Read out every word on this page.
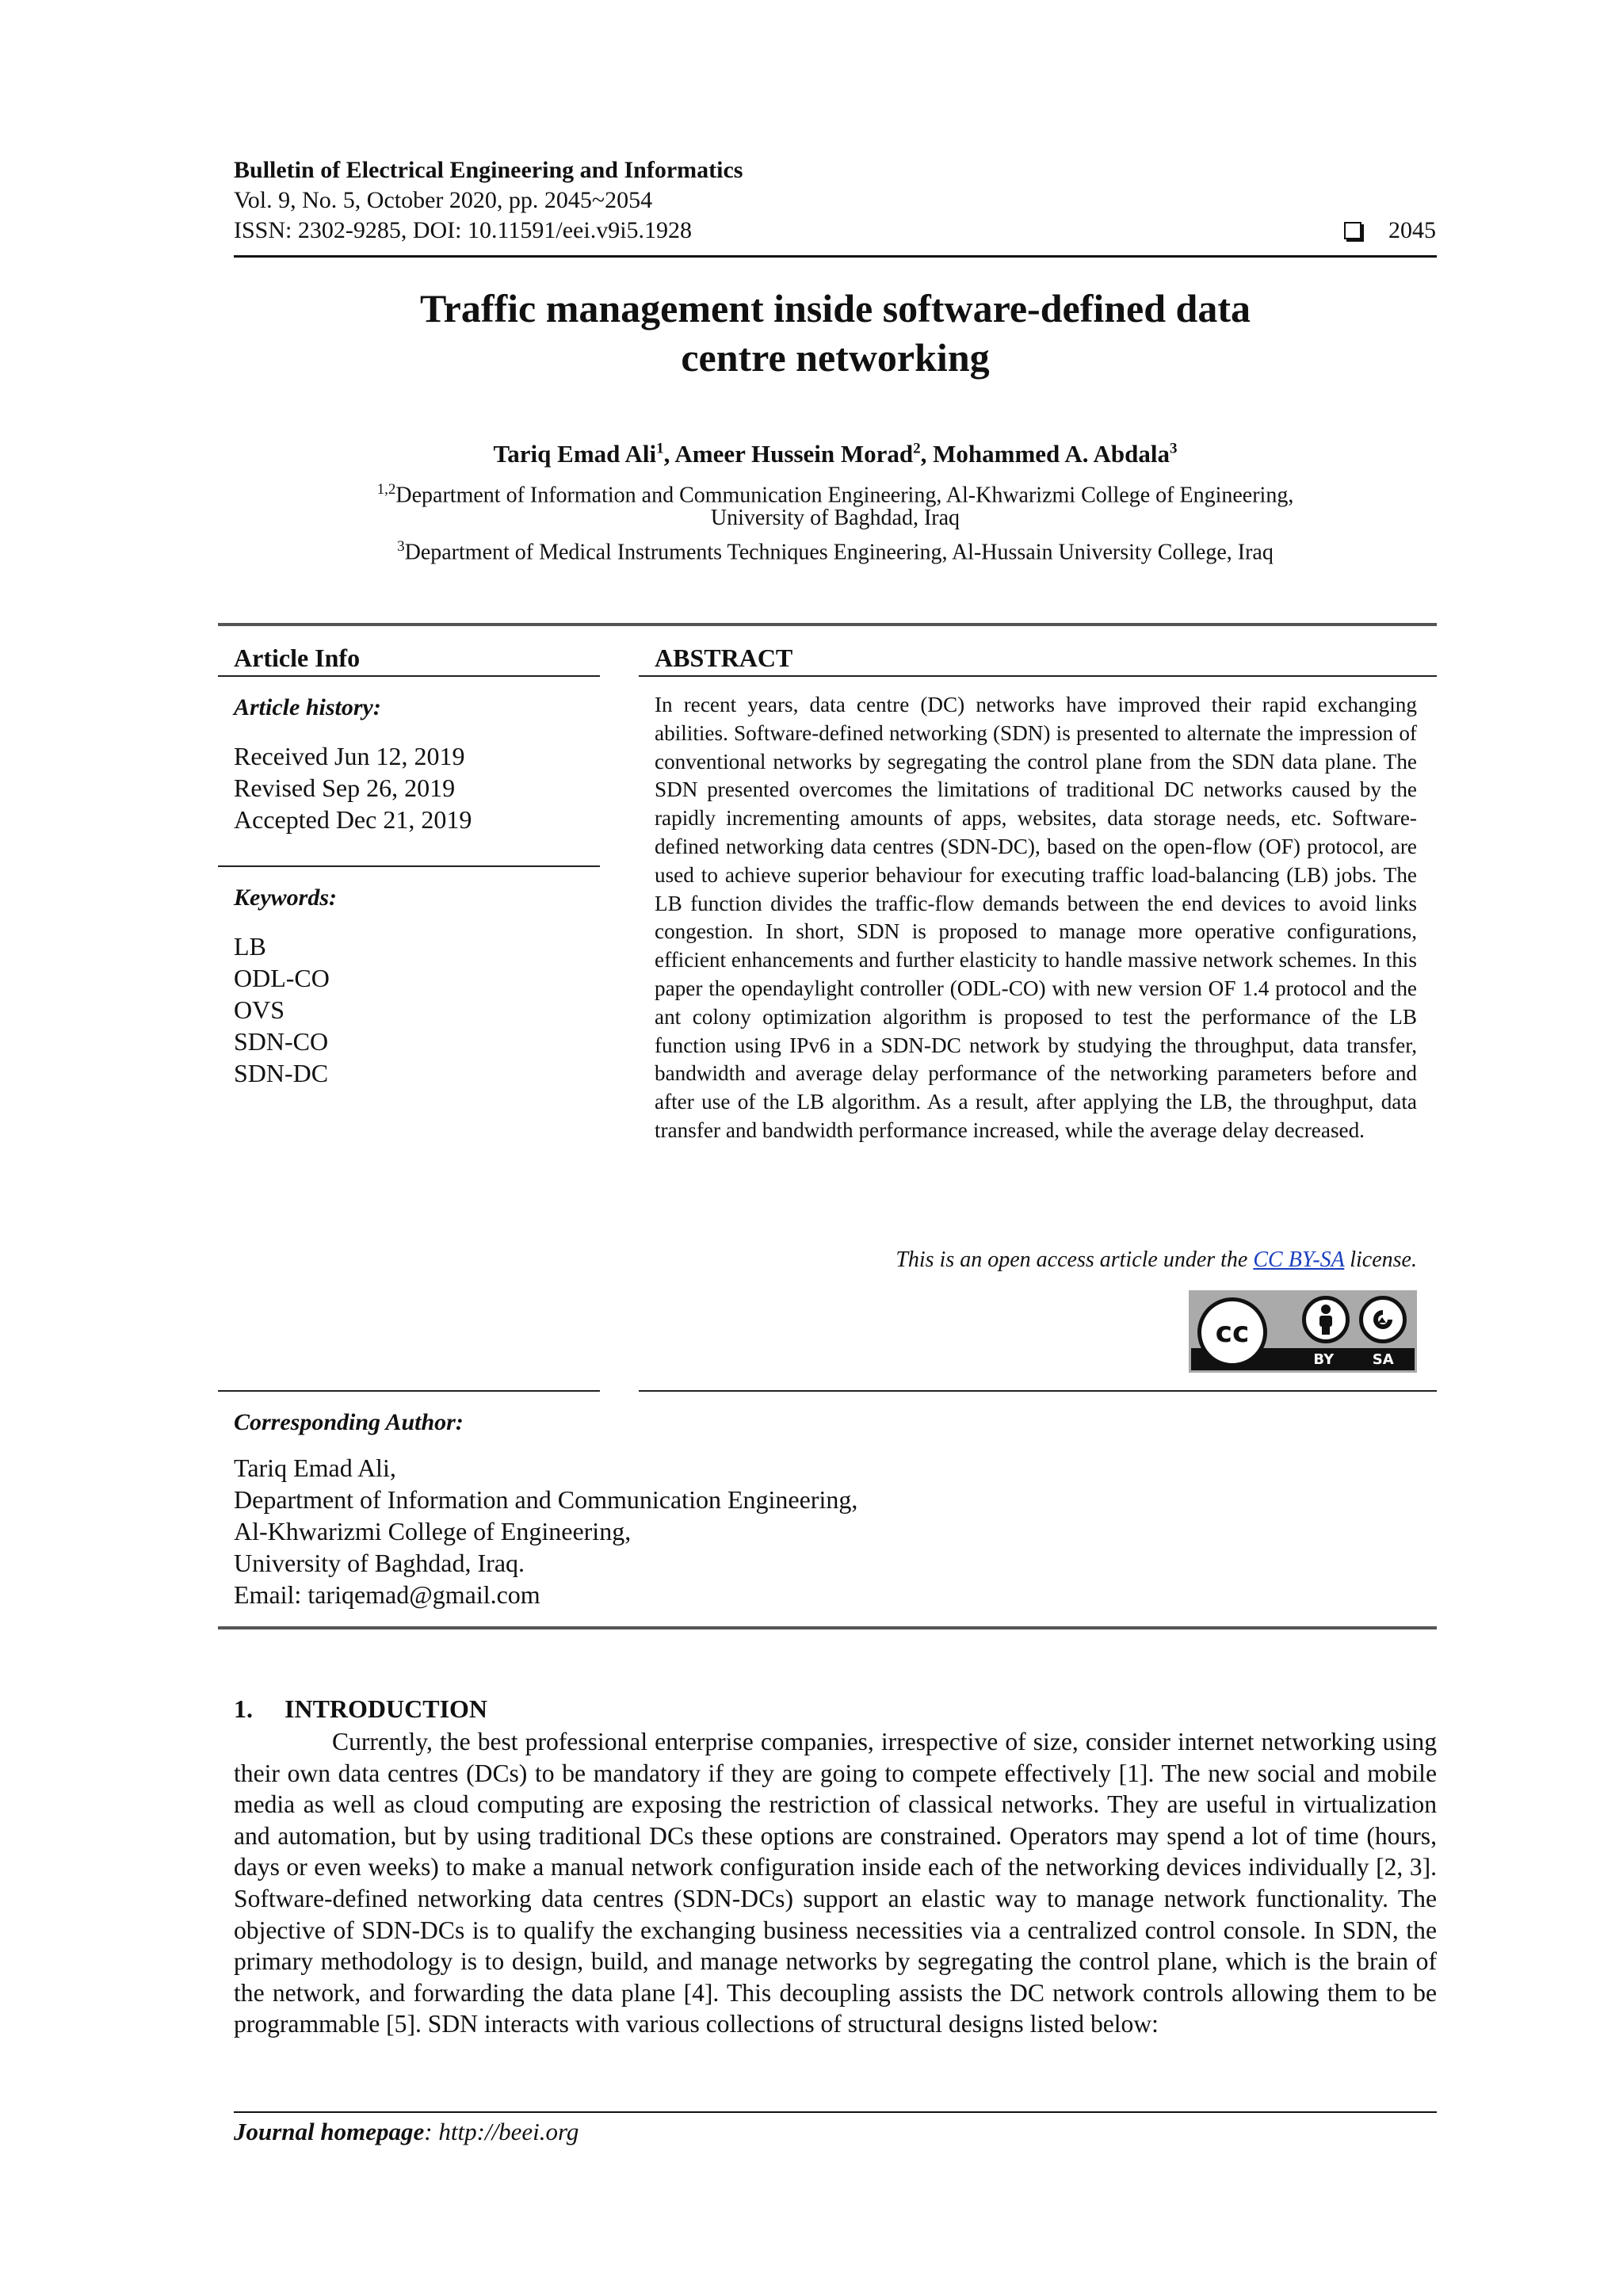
Bulletin of Electrical Engineering and Informatics
Vol. 9, No. 5, October 2020, pp. 2045~2054
ISSN: 2302-9285, DOI: 10.11591/eei.v9i5.1928	2045
Traffic management inside software-defined data
centre networking
Tariq Emad Ali$^1$, Ameer Hussein Morad$^2$, Mohammed A. Abdala$^3$
$^{1,2}$Department of Information and Communication Engineering, Al-Khwarizmi College of Engineering,
University of Baghdad, Iraq
$^3$Department of Medical Instruments Techniques Engineering, Al-Hussain University College, Iraq
Article Info
Article history:
Received Jun 12, 2019
Revised Sep 26, 2019
Accepted Dec 21, 2019
Keywords:
LB
ODL-CO
OVS
SDN-CO
SDN-DC
ABSTRACT
In recent years, data centre (DC) networks have improved their rapid exchanging abilities. Software-defined networking (SDN) is presented to alternate the impression of conventional networks by segregating the control plane from the SDN data plane. The SDN presented overcomes the limitations of traditional DC networks caused by the rapidly incrementing amounts of apps, websites, data storage needs, etc. Software-defined networking data centres (SDN-DC), based on the open-flow (OF) protocol, are used to achieve superior behaviour for executing traffic load-balancing (LB) jobs. The LB function divides the traffic-flow demands between the end devices to avoid links congestion. In short, SDN is proposed to manage more operative configurations, efficient enhancements and further elasticity to handle massive network schemes. In this paper the opendaylight controller (ODL-CO) with new version OF 1.4 protocol and the ant colony optimization algorithm is proposed to test the performance of the LB function using IPv6 in a SDN-DC network by studying the throughput, data transfer, bandwidth and average delay performance of the networking parameters before and after use of the LB algorithm. As a result, after applying the LB, the throughput, data transfer and bandwidth performance increased, while the average delay decreased.
This is an open access article under the CC BY-SA license.
cc
BY	SA
Corresponding Author:
Tariq Emad Ali,
Department of Information and Communication Engineering,
Al-Khwarizmi College of Engineering,
University of Baghdad, Iraq.
Email: tariqemad@gmail.com
1.     INTRODUCTION
Currently, the best professional enterprise companies, irrespective of size, consider internet networking using their own data centres (DCs) to be mandatory if they are going to compete effectively [1]. The new social and mobile media as well as cloud computing are exposing the restriction of classical networks. They are useful in virtualization and automation, but by using traditional DCs these options are constrained. Operators may spend a lot of time (hours, days or even weeks) to make a manual network configuration inside each of the networking devices individually [2, 3]. Software-defined networking data centres (SDN-DCs) support an elastic way to manage network functionality. The objective of SDN-DCs is to qualify the exchanging business necessities via a centralized control console. In SDN, the primary methodology is to design, build, and manage networks by segregating the control plane, which is the brain of the network, and forwarding the data plane [4]. This decoupling assists the DC network controls allowing them to be programmable [5]. SDN interacts with various collections of structural designs listed below:
Journal homepage: http://beei.org
